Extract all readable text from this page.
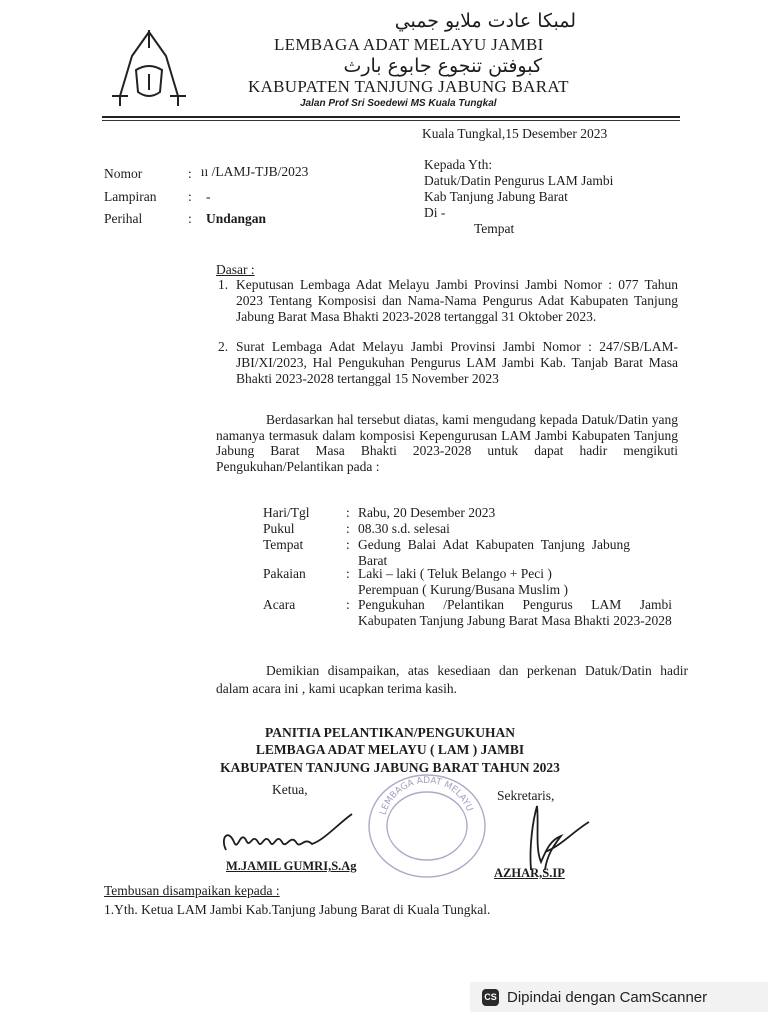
لمبكا عادت ملايو جمبي
LEMBAGA ADAT MELAYU JAMBI
كبوفتن تنجوع جابوع بارث
KABUPATEN TANJUNG JABUNG BARAT
Jalan Prof Sri Soedewi MS Kuala Tungkal
Kuala Tungkal,15 Desember 2023
Nomor	:  ıı /LAMJ-TJB/2023
Lampiran : -
Perihal	: Undangan
Kepada Yth:
Datuk/Datin Pengurus LAM Jambi
Kab Tanjung Jabung Barat
Di -
Tempat
Dasar :
1. Keputusan Lembaga Adat Melayu Jambi Provinsi Jambi Nomor : 077 Tahun 2023 Tentang Komposisi dan Nama-Nama Pengurus Adat Kabupaten Tanjung Jabung Barat Masa Bhakti 2023-2028 tertanggal 31 Oktober 2023.
2. Surat Lembaga Adat Melayu Jambi Provinsi Jambi Nomor : 247/SB/LAM-JBI/XI/2023, Hal Pengukuhan Pengurus LAM Jambi Kab. Tanjab Barat Masa Bhakti 2023-2028 tertanggal 15 November 2023
Berdasarkan hal tersebut diatas, kami mengudang kepada Datuk/Datin yang namanya termasuk dalam komposisi Kepengurusan LAM Jambi Kabupaten Tanjung Jabung Barat Masa Bhakti 2023-2028 untuk dapat hadir mengikuti Pengukuhan/Pelantikan pada :
Hari/Tgl	: Rabu, 20 Desember 2023
Pukul	: 08.30 s.d. selesai
Tempat	: Gedung Balai Adat Kabupaten Tanjung Jabung Barat
Pakaian	: Laki – laki ( Teluk Belango + Peci )
Perempuan ( Kurung/Busana Muslim )
Acara	: Pengukuhan /Pelantikan Pengurus LAM Jambi Kabupaten Tanjung Jabung Barat Masa Bhakti 2023-2028
Demikian disampaikan, atas kesediaan dan perkenan Datuk/Datin hadir dalam acara ini , kami ucapkan terima kasih.
PANITIA PELANTIKAN/PENGUKUHAN
LEMBAGA ADAT MELAYU ( LAM ) JAMBI
KABUPATEN TANJUNG JABUNG BARAT TAHUN 2023
Ketua,	Sekretaris,
LEMBAGA ADAT MELAYU
M.JAMIL GUMRI,S.Ag	AZHAR,S.IP
Tembusan disampaikan kepada :
1.Yth. Ketua LAM Jambi Kab.Tanjung Jabung Barat di Kuala Tungkal.
CS Dipindai dengan CamScanner
